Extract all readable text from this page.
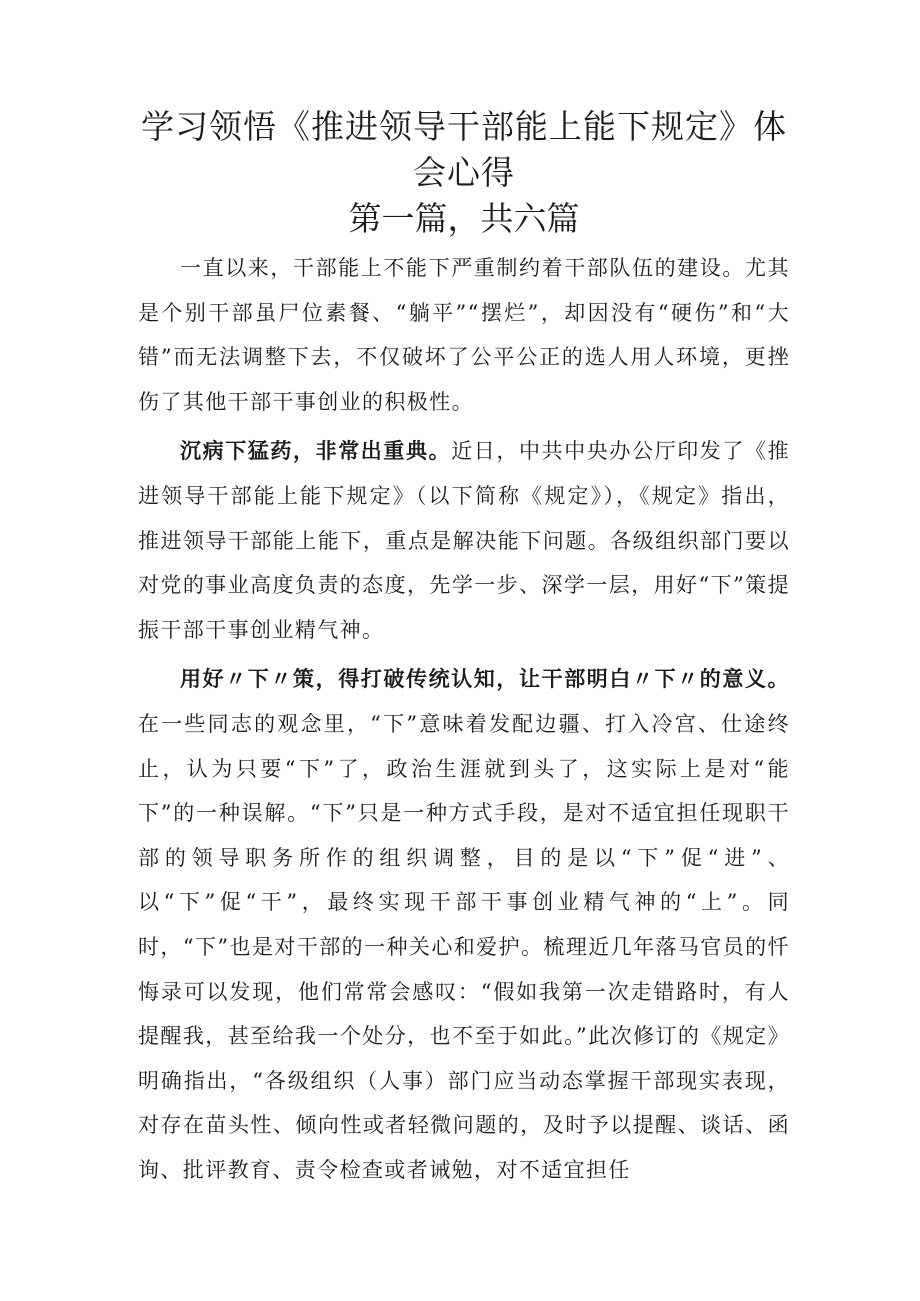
学习领悟《推进领导干部能上能下规定》体
会心得
第一篇，共六篇

一直以来，干部能上不能下严重制约着干部队伍的建设。尤其是个别干部虽尸位素餐、“躺平”“摆烂”，却因没有“硬伤”和“大错”而无法调整下去，不仅破坏了公平公正的选人用人环境，更挫伤了其他干部干事创业的积极性。

沉病下猛药，非常出重典。近日，中共中央办公厅印发了《推进领导干部能上能下规定》（以下简称《规定》），《规定》指出，推进领导干部能上能下，重点是解决能下问题。各级组织部门要以对党的事业高度负责的态度，先学一步、深学一层，用好“下”策提振干部干事创业精气神。

用好〃下〃策，得打破传统认知，让干部明白〃下〃的意义。在一些同志的观念里，“下”意味着发配边疆、打入冷宫、仕途终止，认为只要“下”了，政治生涯就到头了，这实际上是对“能下”的一种误解。“下”只是一种方式手段，是对不适宜担任现职干部的领导职务所作的组织调整，目的是以“下”促“进”、以“下”促“干”，最终实现干部干事创业精气神的“上”。同时，“下”也是对干部的一种关心和爱护。梳理近几年落马官员的忏悔录可以发现，他们常常会感叹：“假如我第一次走错路时，有人提醒我，甚至给我一个处分，也不至于如此。”此次修订的《规定》明确指出，“各级组织（人事）部门应当动态掌握干部现实表现，对存在苗头性、倾向性或者轻微问题的，及时予以提醒、谈话、函询、批评教育、责令检查或者诫勉，对不适宜担任
